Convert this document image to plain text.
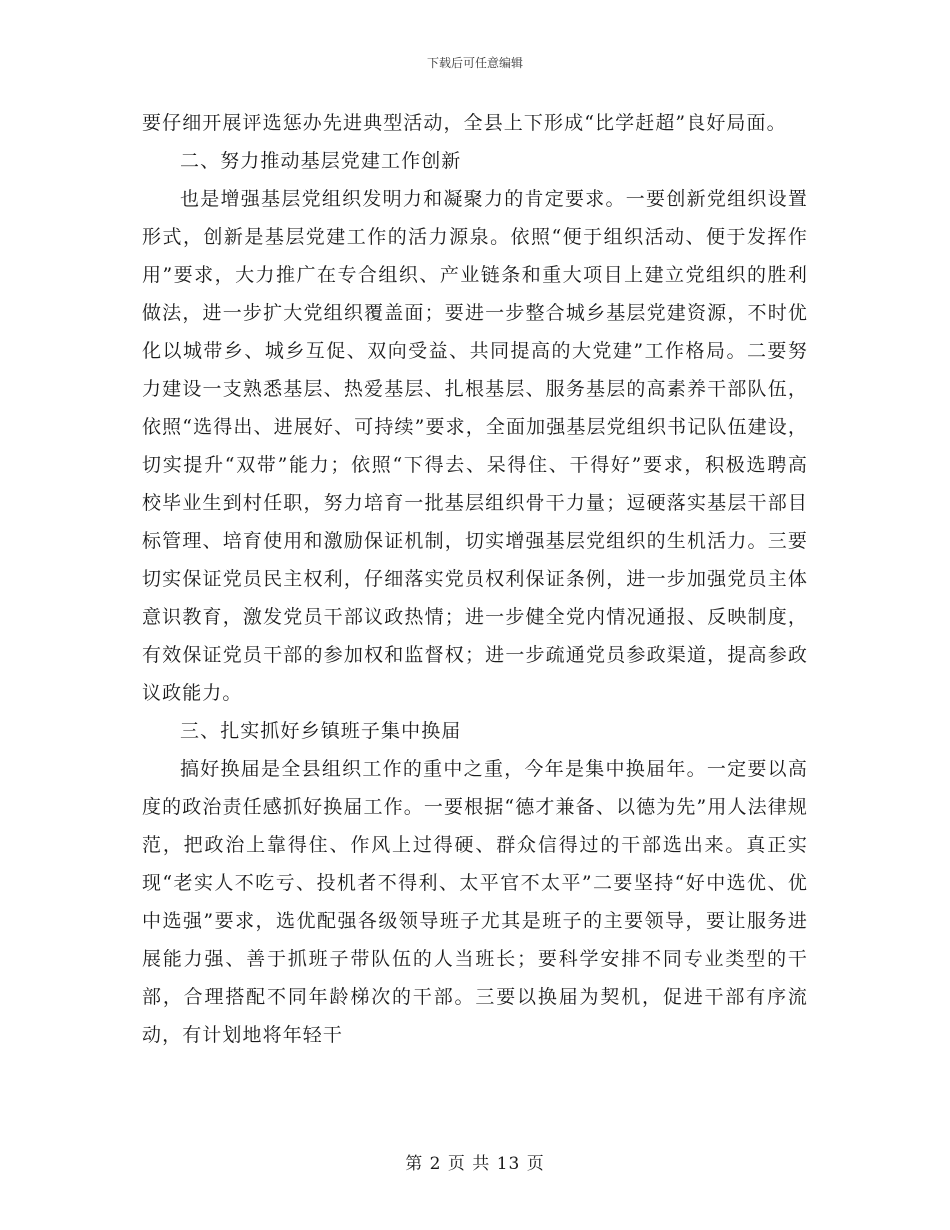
下载后可任意编辑

要仔细开展评选惩办先进典型活动，全县上下形成“比学赶超”良好局面。

二、努力推动基层党建工作创新

也是增强基层党组织发明力和凝聚力的肯定要求。一要创新党组织设置形式，创新是基层党建工作的活力源泉。依照“便于组织活动、便于发挥作用”要求，大力推广在专合组织、产业链条和重大项目上建立党组织的胜利做法，进一步扩大党组织覆盖面；要进一步整合城乡基层党建资源，不时优化以城带乡、城乡互促、双向受益、共同提高的大党建”工作格局。二要努力建设一支熟悉基层、热爱基层、扎根基层、服务基层的高素养干部队伍，依照“选得出、进展好、可持续”要求，全面加强基层党组织书记队伍建设，切实提升“双带”能力；依照“下得去、呆得住、干得好”要求，积极选聘高校毕业生到村任职，努力培育一批基层组织骨干力量；逗硬落实基层干部目标管理、培育使用和激励保证机制，切实增强基层党组织的生机活力。三要切实保证党员民主权利，仔细落实党员权利保证条例，进一步加强党员主体意识教育，激发党员干部议政热情；进一步健全党内情况通报、反映制度，有效保证党员干部的参加权和监督权；进一步疏通党员参政渠道，提高参政议政能力。

三、扎实抓好乡镇班子集中换届

搞好换届是全县组织工作的重中之重，今年是集中换届年。一定要以高度的政治责任感抓好换届工作。一要根据“德才兼备、以德为先”用人法律规范，把政治上靠得住、作风上过得硬、群众信得过的干部选出来。真正实现“老实人不吃亏、投机者不得利、太平官不太平”二要坚持“好中选优、优中选强”要求，选优配强各级领导班子尤其是班子的主要领导，要让服务进展能力强、善于抓班子带队伍的人当班长；要科学安排不同专业类型的干部，合理搭配不同年龄梯次的干部。三要以换届为契机，促进干部有序流动，有计划地将年轻干

第 2 页 共 13 页
